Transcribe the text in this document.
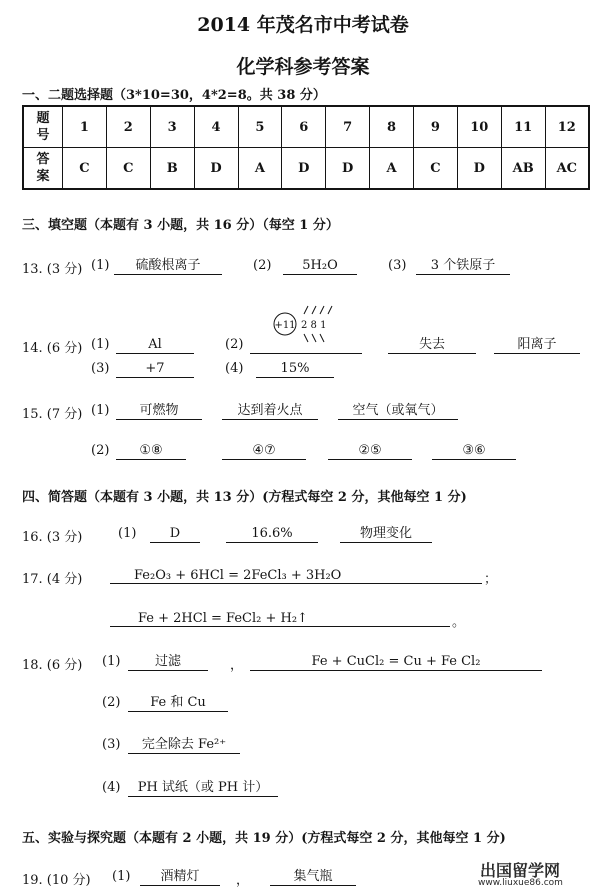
2014 年茂名市中考试卷
化学科参考答案
一、二题选择题（3*10=30，4*2=8。共 38 分）
题
号	1	2	3	4	5	6	7	8	9	10	11	12
答
案	C	C	B	D	A	D	D	A	C	D	AB	AC
三、填空题（本题有 3 小题，共 16 分）（每空 1 分）
13. (3 分) (1)	硫酸根离子	(2)	5H₂O	(3)	3 个铁原子
14. (6 分) (1)	Al	(2)
+11 2 8 1
失去	阳离子
(3)	+7	(4)	15%
15. (7 分) (1)	可燃物	达到着火点	空气（或氧气）
(2)	①⑧	④⑦	②⑤	③⑥
四、简答题（本题有 3 小题，共 13 分）(方程式每空 2 分，其他每空 1 分)
16. (3 分)	(1)	D	16.6%	物理变化
17. (4 分)	Fe₂O₃ + 6HCl = 2FeCl₃ + 3H₂O	；
Fe + 2HCl = FeCl₂ + H₂↑	。
18. (6 分) (1)	过滤	，	Fe + CuCl₂ = Cu + Fe Cl₂
(2)	Fe 和 Cu
(3)	完全除去 Fe²⁺
(4)	PH 试纸（或 PH 计）
五、实验与探究题（本题有 2 小题，共 19 分）(方程式每空 2 分，其他每空 1 分)
19. (10 分) (1)	酒精灯	，	集气瓶	出国留学网
www.liuxue86.com
